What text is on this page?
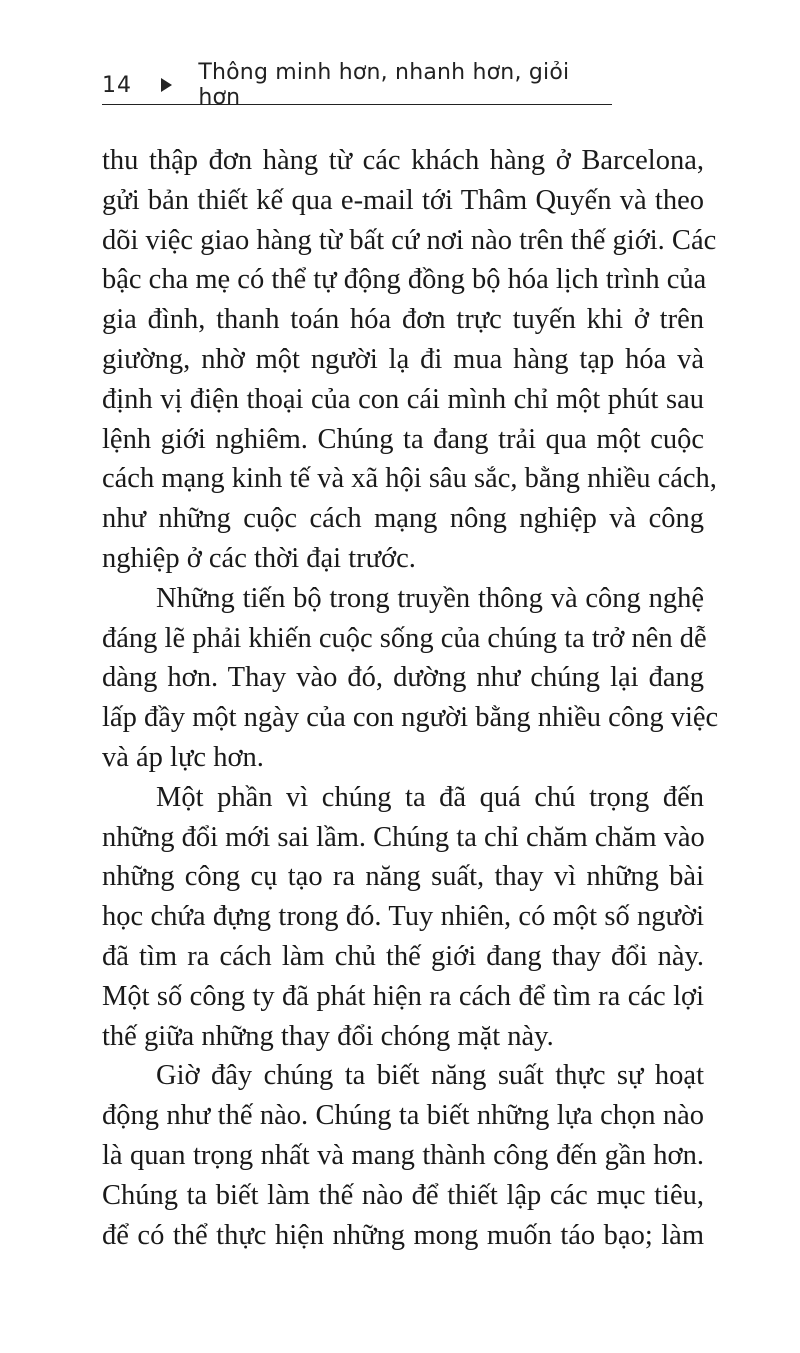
14	Thông minh hơn, nhanh hơn, giỏi hơn
thu thập đơn hàng từ các khách hàng ở Barcelona,
gửi bản thiết kế qua e-mail tới Thâm Quyến và theo
dõi việc giao hàng từ bất cứ nơi nào trên thế giới. Các
bậc cha mẹ có thể tự động đồng bộ hóa lịch trình của
gia đình, thanh toán hóa đơn trực tuyến khi ở trên
giường, nhờ một người lạ đi mua hàng tạp hóa và
định vị điện thoại của con cái mình chỉ một phút sau
lệnh giới nghiêm. Chúng ta đang trải qua một cuộc
cách mạng kinh tế và xã hội sâu sắc, bằng nhiều cách,
như những cuộc cách mạng nông nghiệp và công
nghiệp ở các thời đại trước.
Những tiến bộ trong truyền thông và công nghệ
đáng lẽ phải khiến cuộc sống của chúng ta trở nên dễ
dàng hơn. Thay vào đó, dường như chúng lại đang
lấp đầy một ngày của con người bằng nhiều công việc
và áp lực hơn.
Một phần vì chúng ta đã quá chú trọng đến
những đổi mới sai lầm. Chúng ta chỉ chăm chăm vào
những công cụ tạo ra năng suất, thay vì những bài
học chứa đựng trong đó. Tuy nhiên, có một số người
đã tìm ra cách làm chủ thế giới đang thay đổi này.
Một số công ty đã phát hiện ra cách để tìm ra các lợi
thế giữa những thay đổi chóng mặt này.
Giờ đây chúng ta biết năng suất thực sự hoạt
động như thế nào. Chúng ta biết những lựa chọn nào
là quan trọng nhất và mang thành công đến gần hơn.
Chúng ta biết làm thế nào để thiết lập các mục tiêu,
để có thể thực hiện những mong muốn táo bạo; làm
